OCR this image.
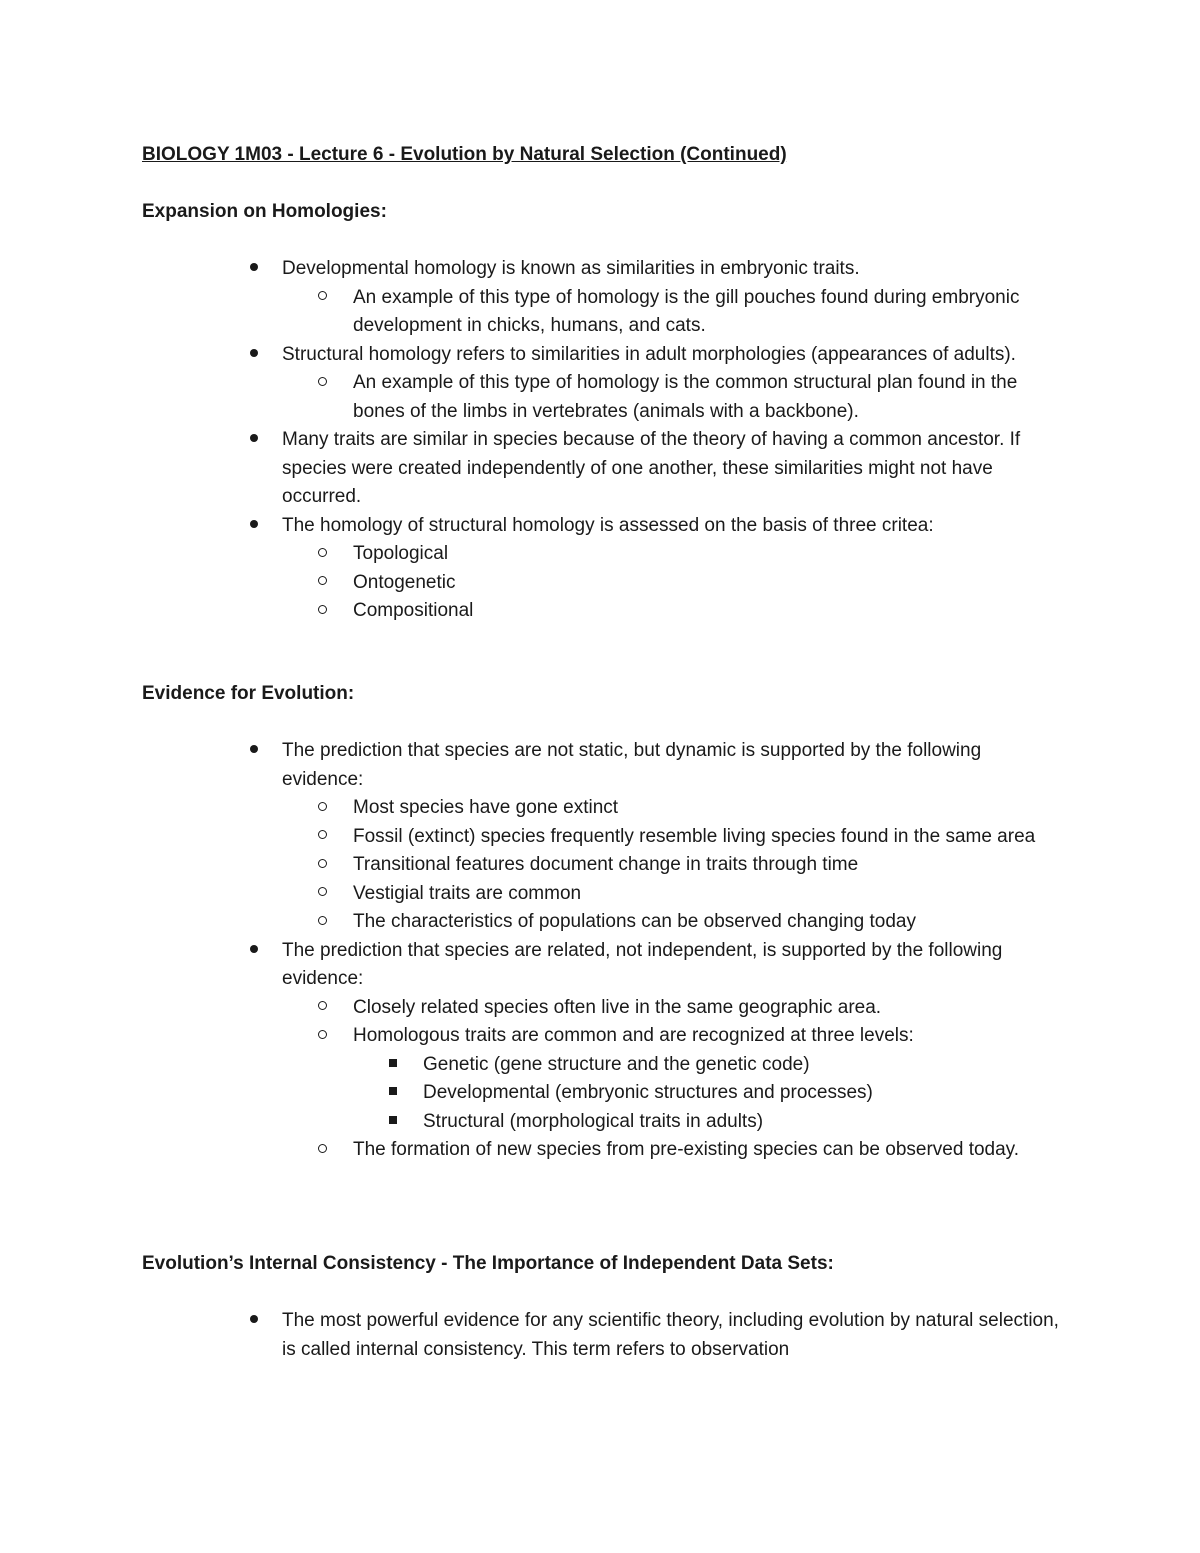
BIOLOGY 1M03 - Lecture 6 - Evolution by Natural Selection (Continued)
Expansion on Homologies:
Developmental homology is known as similarities in embryonic traits.
An example of this type of homology is the gill pouches found during embryonic development in chicks, humans, and cats.
Structural homology refers to similarities in adult morphologies (appearances of adults).
An example of this type of homology is the common structural plan found in the bones of the limbs in vertebrates (animals with a backbone).
Many traits are similar in species because of the theory of having a common ancestor. If species were created independently of one another, these similarities might not have occurred.
The homology of structural homology is assessed on the basis of three critea:
Topological
Ontogenetic
Compositional
Evidence for Evolution:
The prediction that species are not static, but dynamic is supported by the following evidence:
Most species have gone extinct
Fossil (extinct) species frequently resemble living species found in the same area
Transitional features document change in traits through time
Vestigial traits are common
The characteristics of populations can be observed changing today
The prediction that species are related, not independent, is supported by the following evidence:
Closely related species often live in the same geographic area.
Homologous traits are common and are recognized at three levels:
Genetic (gene structure and the genetic code)
Developmental (embryonic structures and processes)
Structural (morphological traits in adults)
The formation of new species from pre-existing species can be observed today.
Evolution’s Internal Consistency - The Importance of Independent Data Sets:
The most powerful evidence for any scientific theory, including evolution by natural selection, is called internal consistency. This term refers to observation
